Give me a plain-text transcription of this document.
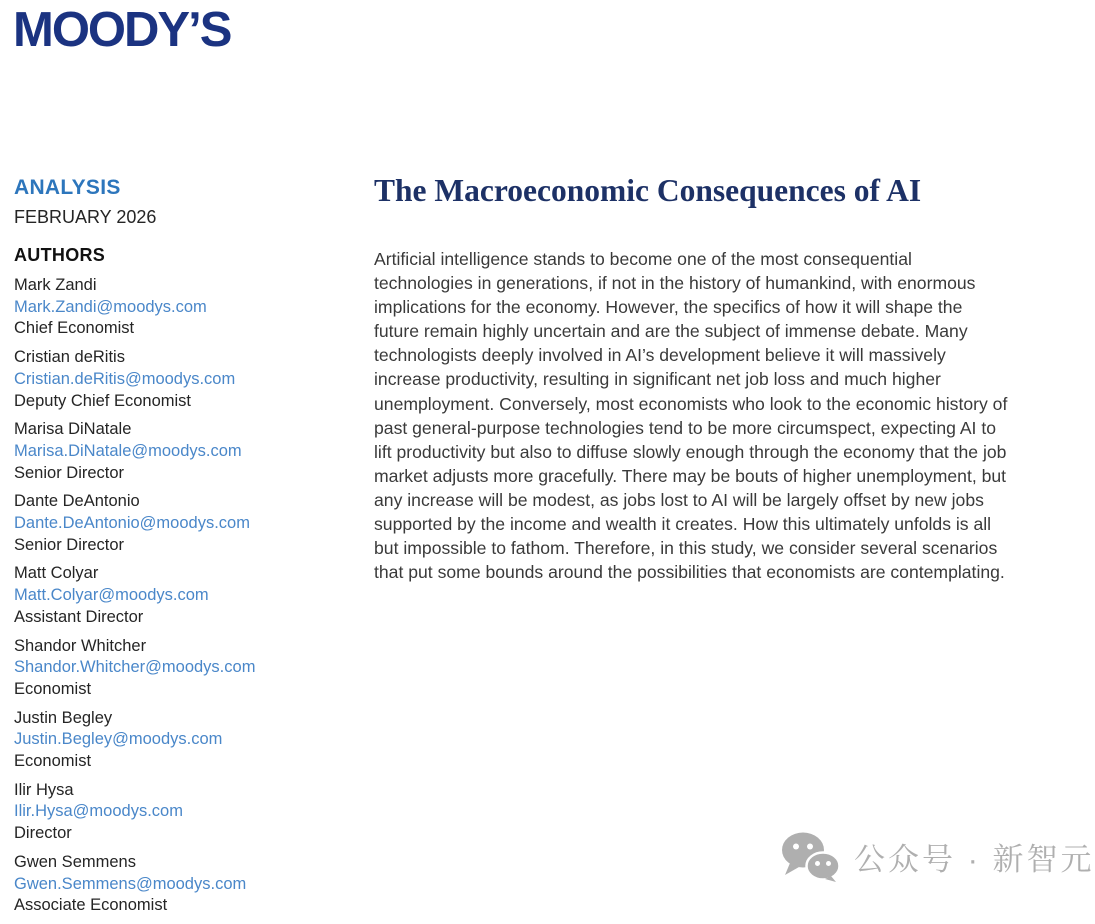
MOODY’S
ANALYSIS
FEBRUARY 2026
AUTHORS
Mark Zandi
Mark.Zandi@moodys.com
Chief Economist
Cristian deRitis
Cristian.deRitis@moodys.com
Deputy Chief Economist
Marisa DiNatale
Marisa.DiNatale@moodys.com
Senior Director
Dante DeAntonio
Dante.DeAntonio@moodys.com
Senior Director
Matt Colyar
Matt.Colyar@moodys.com
Assistant Director
Shandor Whitcher
Shandor.Whitcher@moodys.com
Economist
Justin Begley
Justin.Begley@moodys.com
Economist
Ilir Hysa
Ilir.Hysa@moodys.com
Director
Gwen Semmens
Gwen.Semmens@moodys.com
Associate Economist
The Macroeconomic Consequences of AI

Artificial intelligence stands to become one of the most consequential technologies in generations, if not in the history of humankind, with enormous implications for the economy. However, the specifics of how it will shape the future remain highly uncertain and are the subject of immense debate. Many technologists deeply involved in AI’s development believe it will massively increase productivity, resulting in significant net job loss and much higher unemployment. Conversely, most economists who look to the economic history of past general-purpose technologies tend to be more circumspect, expecting AI to lift productivity but also to diffuse slowly enough through the economy that the job market adjusts more gracefully. There may be bouts of higher unemployment, but any increase will be modest, as jobs lost to AI will be largely offset by new jobs supported by the income and wealth it creates. How this ultimately unfolds is all but impossible to fathom. Therefore, in this study, we consider several scenarios that put some bounds around the possibilities that economists are contemplating.

公众号 · 新智元
